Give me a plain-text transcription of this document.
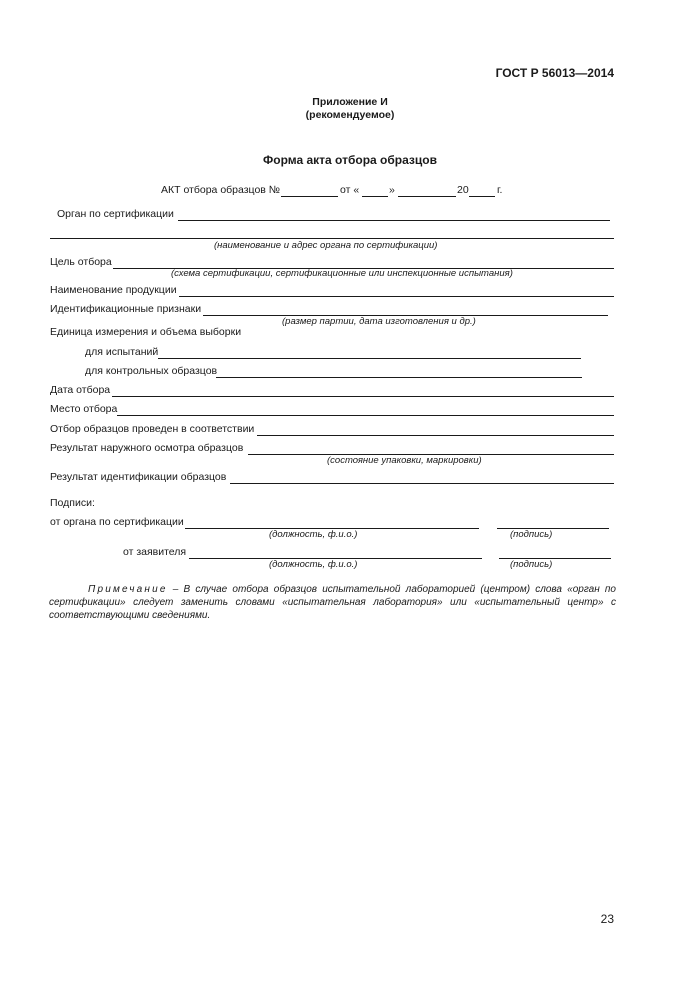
ГОСТ Р 56013—2014
Приложение И
(рекомендуемое)
Форма акта отбора образцов
АКТ отбора образцов №	от «	»	20	г.
Орган по сертификации
(наименование и адрес органа по сертификации)
Цель отбора
(схема сертификации, сертификационные или инспекционные испытания)
Наименование продукции
Идентификационные признаки
(размер партии, дата изготовления и др.)
Единица измерения и объема выборки
для испытаний
для контрольных образцов
Дата отбора
Место отбора
Отбор образцов проведен в соответствии
Результат наружного осмотра образцов
(состояние упаковки, маркировки)
Результат идентификации образцов
Подписи:
от органа по сертификации
(должность, ф.и.о.)	(подпись)
от заявителя
(должность, ф.и.о.)	(подпись)
Примечание – В случае отбора образцов испытательной лабораторией (центром) слова «орган по сертификации» следует заменить словами «испытательная лаборатория» или «испытательный центр» с соответствующими сведениями.
23
